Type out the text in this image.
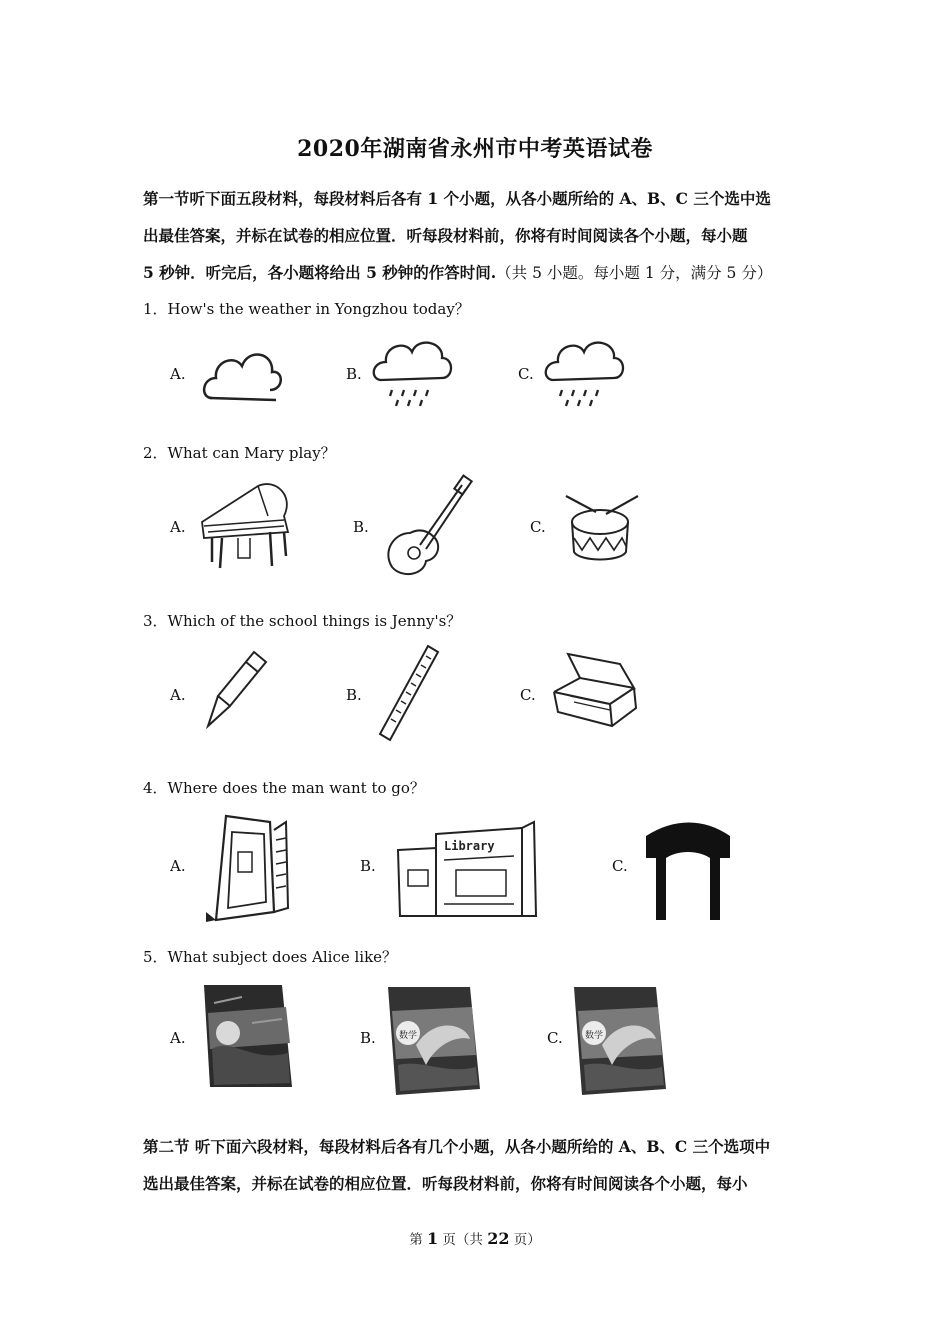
2020年湖南省永州市中考英语试卷
第一节听下面五段材料，每段材料后各有 1 个小题，从各小题所给的 A、B、C 三个选中选
出最佳答案，并标在试卷的相应位置．听每段材料前，你将有时间阅读各个小题，每小题
5 秒钟．听完后，各小题将给出 5 秒钟的作答时间.（共 5 小题。每小题 1 分，满分 5 分）
1．How's the weather in Yongzhou today？
A.	B.	C.
2．What can Mary play？
A.	B.	C.
3．Which of the school things is Jenny's？
A.	B.	C.
4．Where does the man want to go？
A.	B.	C.
Library
5．What subject does Alice like？
A.	B.	C.
数学	数学
第二节 听下面六段材料，每段材料后各有几个小题，从各小题所给的 A、B、C 三个选项中
选出最佳答案，并标在试卷的相应位置．听每段材料前，你将有时间阅读各个小题，每小
第 1 页（共 22 页）
